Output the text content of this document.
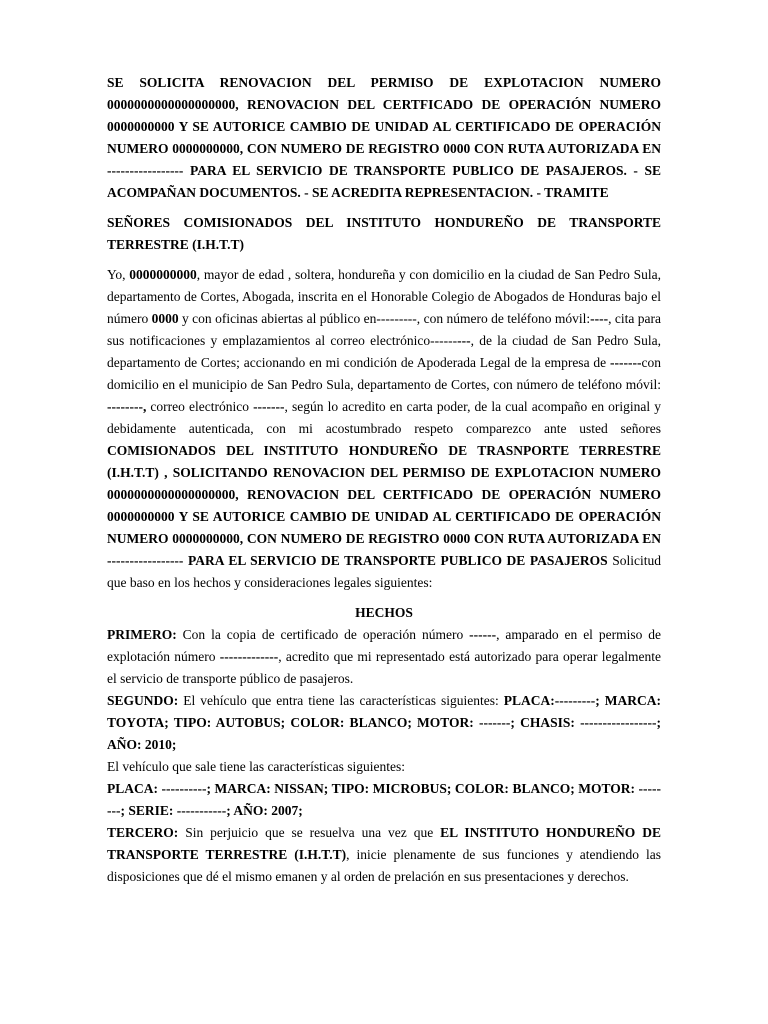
SE SOLICITA RENOVACION DEL PERMISO DE EXPLOTACION NUMERO 0000000000000000000, RENOVACION DEL CERTFICADO DE OPERACIÓN NUMERO 0000000000 Y SE AUTORICE CAMBIO DE UNIDAD AL CERTIFICADO DE OPERACIÓN NUMERO 0000000000, CON NUMERO DE REGISTRO 0000 CON RUTA AUTORIZADA EN ----------------- PARA EL SERVICIO DE TRANSPORTE PUBLICO DE PASAJEROS. - SE ACOMPAÑAN DOCUMENTOS. - SE ACREDITA REPRESENTACION. - TRAMITE

SEÑORES COMISIONADOS DEL INSTITUTO HONDUREÑO DE TRANSPORTE TERRESTRE (I.H.T.T)

Yo, 0000000000, mayor de edad , soltera, hondureña y con domicilio en la ciudad de San Pedro Sula, departamento de Cortes, Abogada, inscrita en el Honorable Colegio de Abogados de Honduras bajo el número 0000 y con oficinas abiertas al público en---------, con número de teléfono móvil:----, cita para sus notificaciones y emplazamientos al correo electrónico---------, de la ciudad de San Pedro Sula, departamento de Cortes; accionando en mi condición de Apoderada Legal de la empresa de -------con domicilio en el municipio de San Pedro Sula, departamento de Cortes, con número de teléfono móvil: --------, correo electrónico -------, según lo acredito en carta poder, de la cual acompaño en original y debidamente autenticada, con mi acostumbrado respeto comparezco ante usted señores COMISIONADOS DEL INSTITUTO HONDUREÑO DE TRASNPORTE TERRESTRE (I.H.T.T) , SOLICITANDO RENOVACION DEL PERMISO DE EXPLOTACION NUMERO 0000000000000000000, RENOVACION DEL CERTFICADO DE OPERACIÓN NUMERO 0000000000 Y SE AUTORICE CAMBIO DE UNIDAD AL CERTIFICADO DE OPERACIÓN NUMERO 0000000000, CON NUMERO DE REGISTRO 0000 CON RUTA AUTORIZADA EN ----------------- PARA EL SERVICIO DE TRANSPORTE PUBLICO DE PASAJEROS Solicitud que baso en los hechos y consideraciones legales siguientes:

HECHOS

PRIMERO: Con la copia de certificado de operación número ------, amparado en el permiso de explotación número -------------, acredito que mi representado está autorizado para operar legalmente el servicio de transporte público de pasajeros.

SEGUNDO: El vehículo que entra tiene las características siguientes: PLACA:---------; MARCA: TOYOTA; TIPO: AUTOBUS; COLOR: BLANCO; MOTOR: -------; CHASIS: -----------------; AÑO: 2010;

El vehículo que sale tiene las características siguientes:

PLACA: ----------; MARCA: NISSAN; TIPO: MICROBUS; COLOR: BLANCO; MOTOR: --------; SERIE: -----------; AÑO: 2007;

TERCERO: Sin perjuicio que se resuelva una vez que EL INSTITUTO HONDUREÑO DE TRANSPORTE TERRESTRE (I.H.T.T), inicie plenamente de sus funciones y atendiendo las disposiciones que dé el mismo emanen y al orden de prelación en sus presentaciones y derechos.
